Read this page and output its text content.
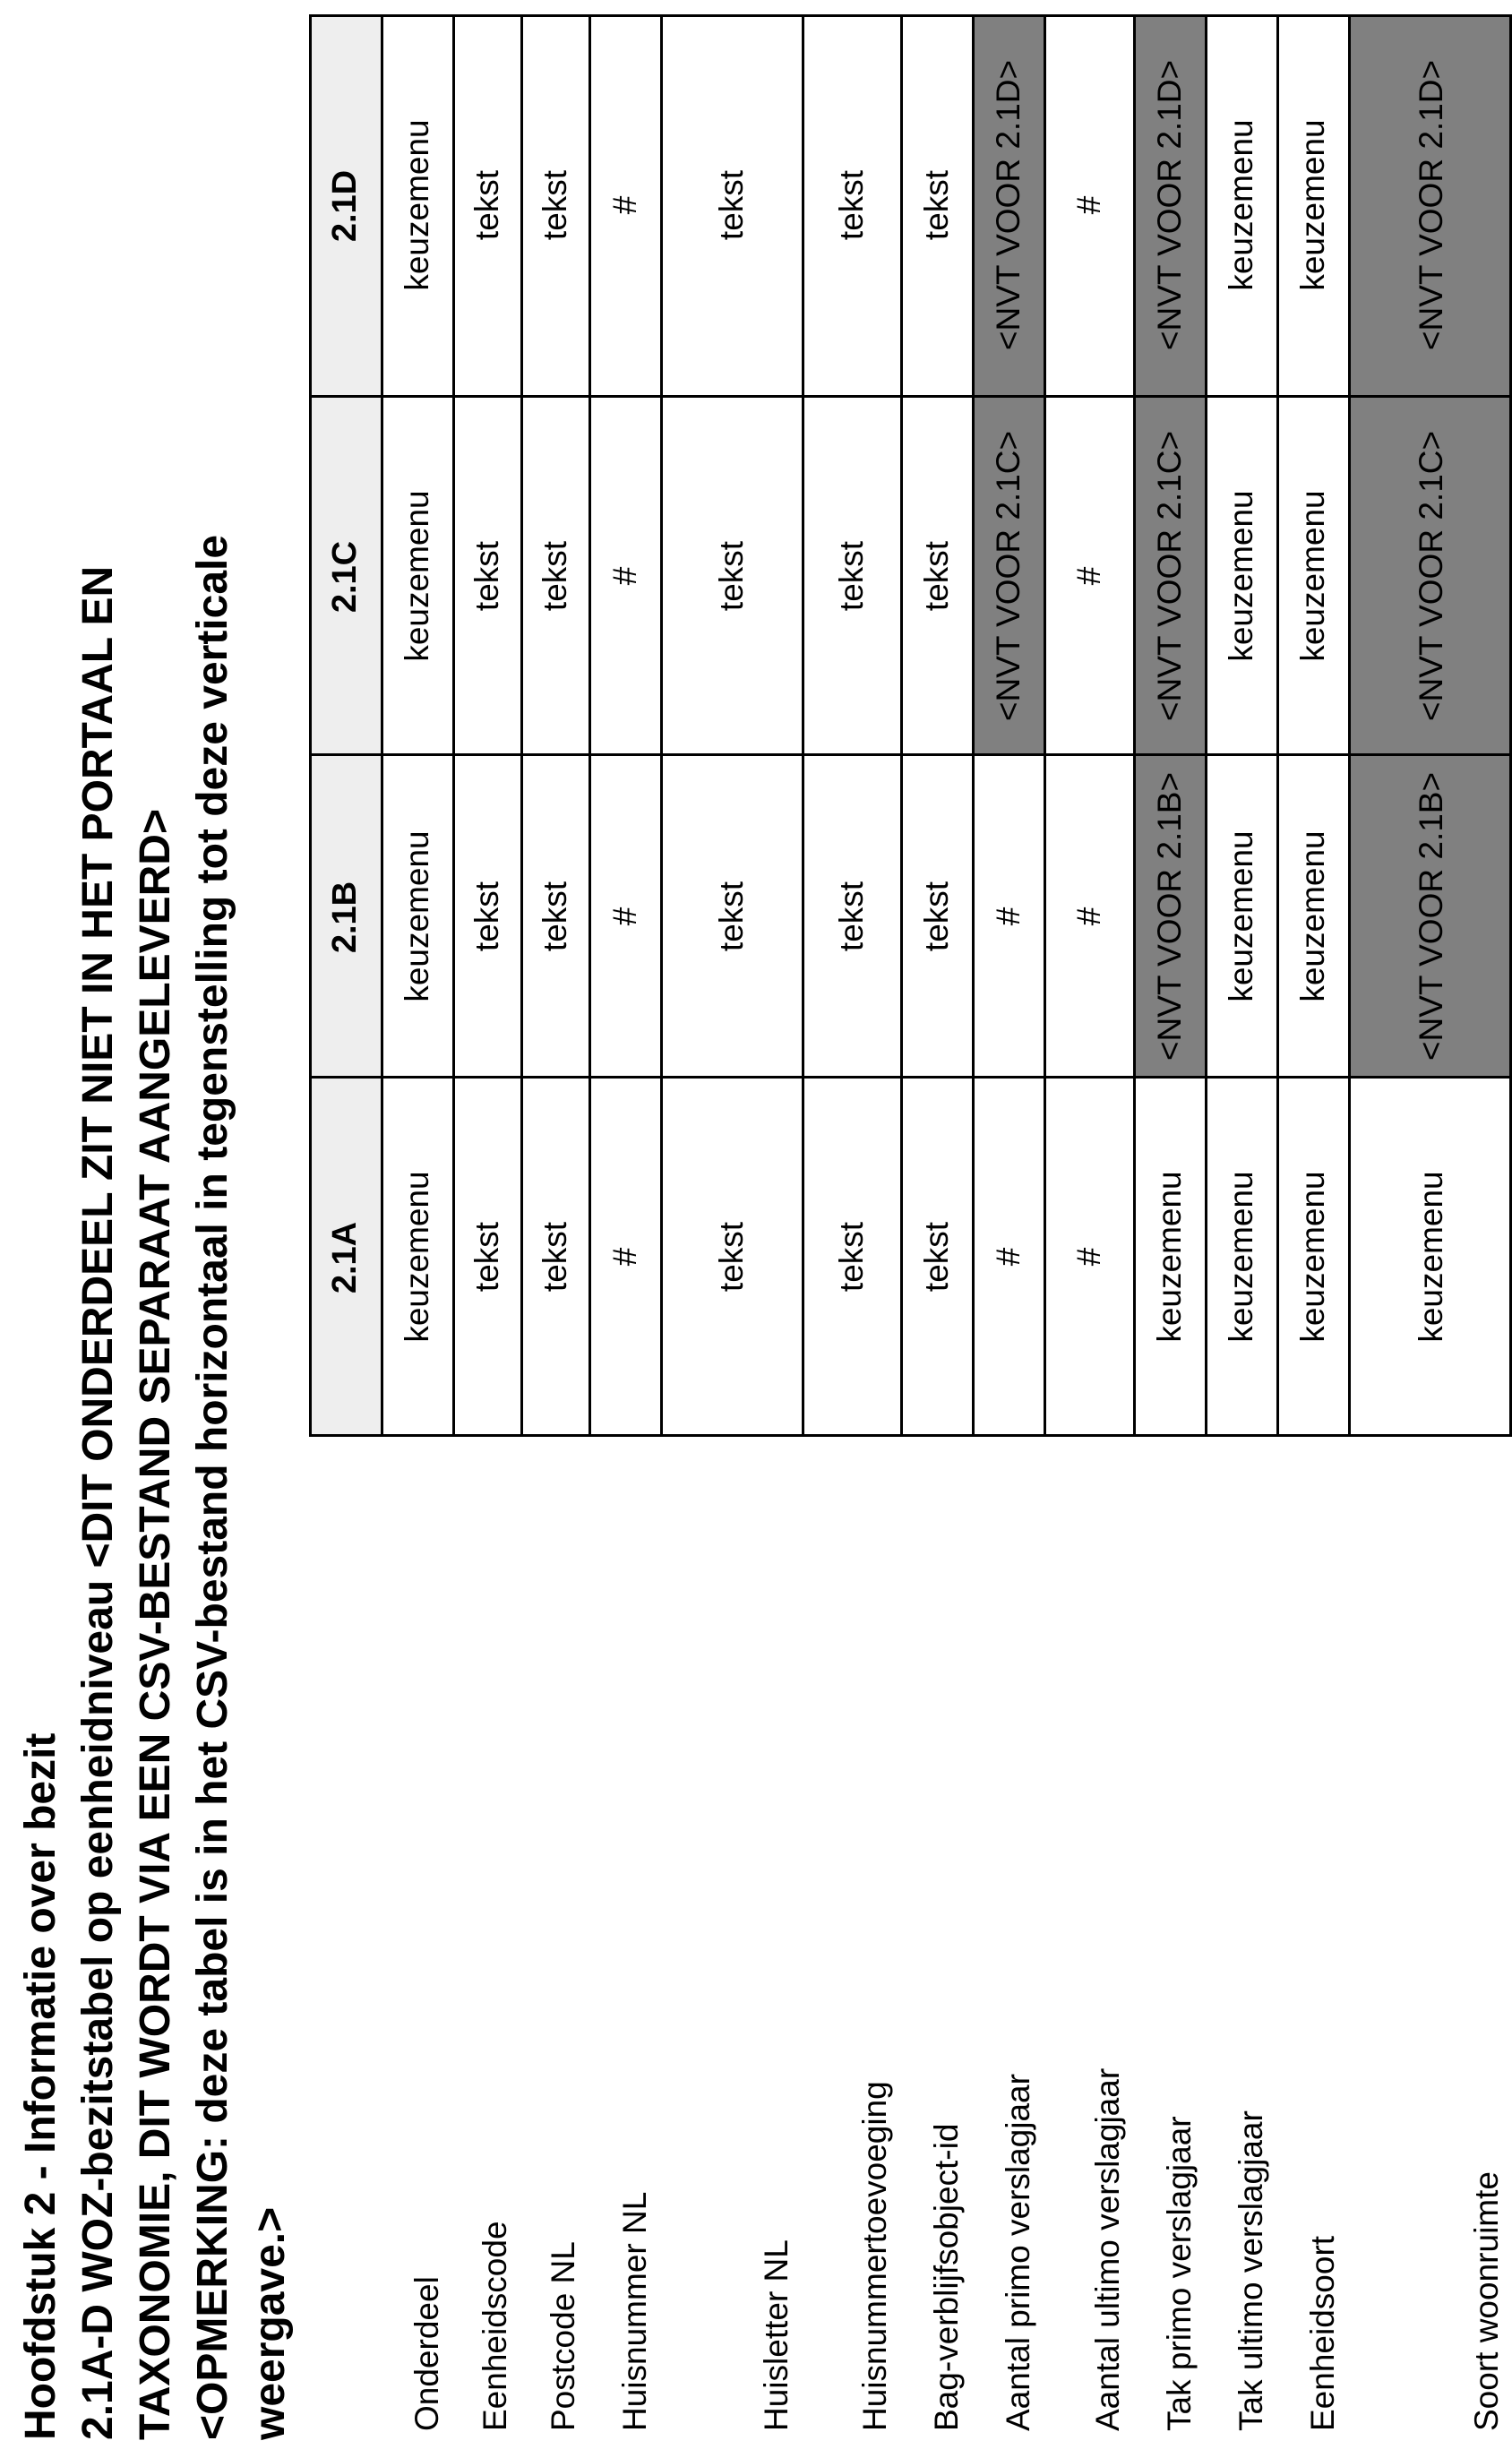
Hoofdstuk 2 - Informatie over bezit 2.1A-D WOZ-bezitstabel op eenheidniveau <DIT ONDERDEEL ZIT NIET IN HET PORTAAL EN TAXONOMIE, DIT WORDT VIA EEN CSV-BESTAND SEPARAAT AANGELEVERD> <OPMERKING: deze tabel is in het CSV-bestand horizontaal in tegenstelling tot deze verticale weergave.>
2.1A
2.1B
2.1C
2.1D
Onderdeel
keuzemenu
keuzemenu
keuzemenu
keuzemenu
Eenheidscode
tekst
tekst
tekst
tekst
Postcode NL
tekst
tekst
tekst
tekst
Huisnummer NL
#
#
#
#
Huisletter NL
tekst
tekst
tekst
tekst
Huisnummertoevoeging
tekst
tekst
tekst
tekst
Bag-verblijfsobject-id
tekst
tekst
tekst
tekst
Aantal primo verslagjaar
#
#
<NVT VOOR 2.1C>
<NVT VOOR 2.1D>
Aantal ultimo verslagjaar
#
#
#
#
Tak primo verslagjaar
keuzemenu
<NVT VOOR 2.1B>
<NVT VOOR 2.1C>
<NVT VOOR 2.1D>
Tak ultimo verslagjaar
keuzemenu
keuzemenu
keuzemenu
keuzemenu
Eenheidsoort
keuzemenu
keuzemenu
keuzemenu
keuzemenu
Soort woonruimte
keuzemenu
<NVT VOOR 2.1B>
<NVT VOOR 2.1C>
<NVT VOOR 2.1D>
